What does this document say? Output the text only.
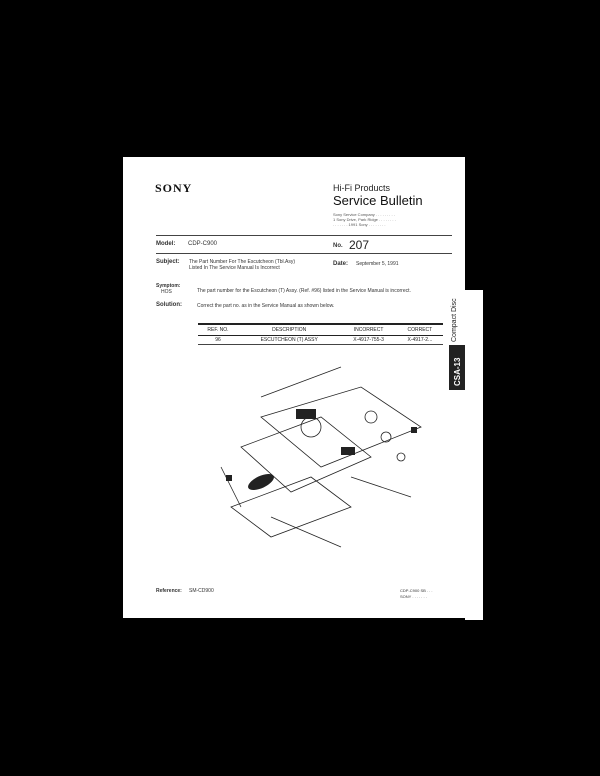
SONY	Hi-Fi Products
Service Bulletin
Sony Service Company . . . . . . . . .
1 Sony Drive, Park Ridge . . . . . . . .
. . . . . . . 1991 Sony . . . . . . . .
Model: CDP-C900	No. 207
Subject: The Part Number For The Escutcheon (Tbl.Asy)
Listed In The Service Manual Is Incorrect
Date: September 5, 1991
Symptom:
HOS	The part number for the Escutcheon (T) Assy. (Ref. #96) listed in the Service Manual is incorrect.
Solution:	Correct the part no. as in the Service Manual as shown below.
REF. NO.	DESCRIPTION	INCORRECT	CORRECT
96	ESCUTCHEON (T) ASSY	X-4917-755-3	X-4917-2...
Reference: SM-CD900	CDP-C900 SB . . .
SONY . . . . . . .
Compact Disc
CSA-13
